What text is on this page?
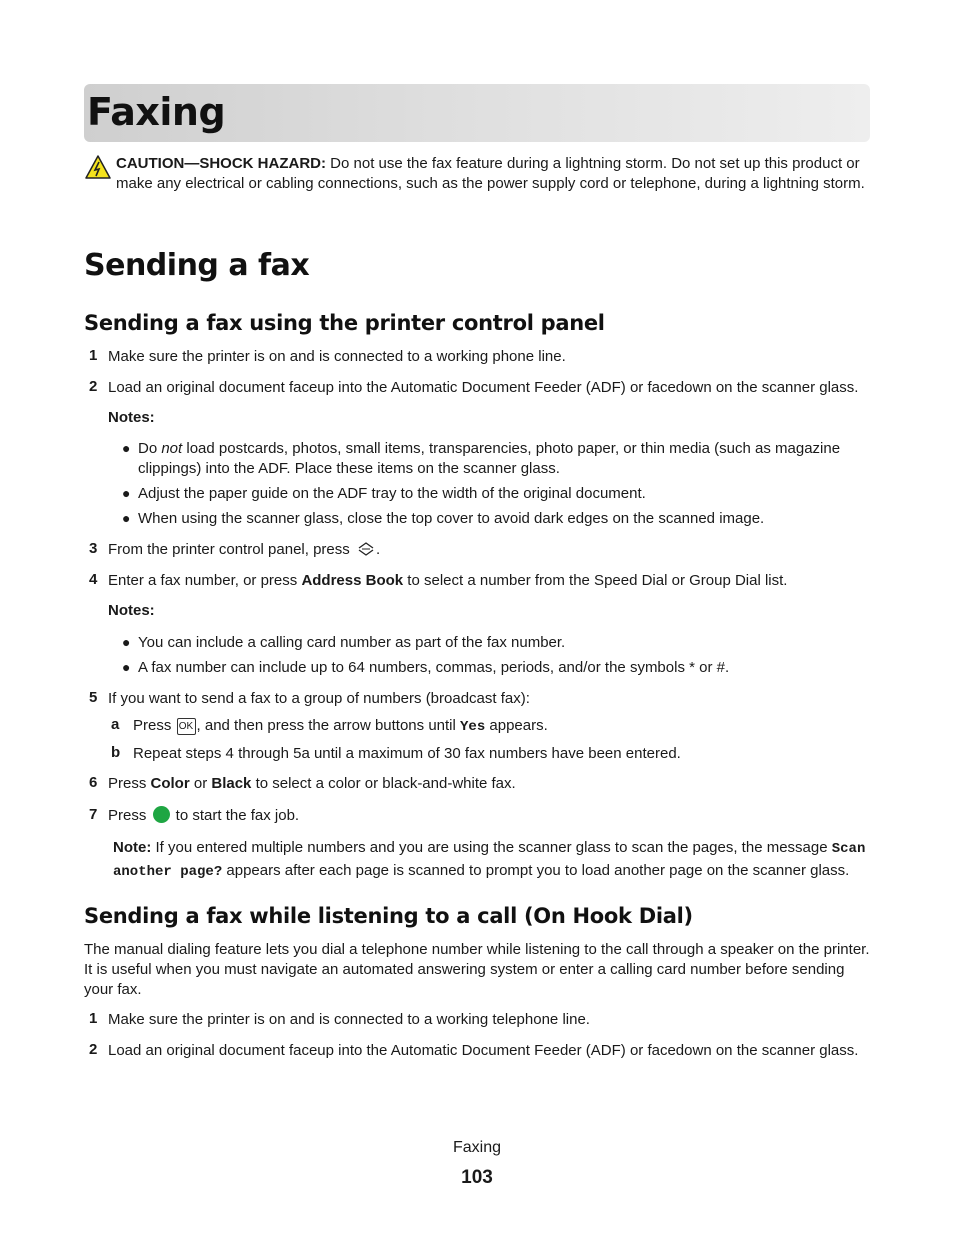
Faxing
CAUTION—SHOCK HAZARD: Do not use the fax feature during a lightning storm. Do not set up this product or make any electrical or cabling connections, such as the power supply cord or telephone, during a lightning storm.
Sending a fax
Sending a fax using the printer control panel
1 Make sure the printer is on and is connected to a working phone line.
2 Load an original document faceup into the Automatic Document Feeder (ADF) or facedown on the scanner glass.
Notes:
● Do not load postcards, photos, small items, transparencies, photo paper, or thin media (such as magazine clippings) into the ADF. Place these items on the scanner glass.
● Adjust the paper guide on the ADF tray to the width of the original document.
● When using the scanner glass, close the top cover to avoid dark edges on the scanned image.
3 From the printer control panel, press .
4 Enter a fax number, or press Address Book to select a number from the Speed Dial or Group Dial list.
Notes:
● You can include a calling card number as part of the fax number.
● A fax number can include up to 64 numbers, commas, periods, and/or the symbols * or #.
5 If you want to send a fax to a group of numbers (broadcast fax):
a Press OK , and then press the arrow buttons until Yes appears.
b Repeat steps 4 through 5a until a maximum of 30 fax numbers have been entered.
6 Press Color or Black to select a color or black-and-white fax.
7 Press  to start the fax job.
Note: If you entered multiple numbers and you are using the scanner glass to scan the pages, the message Scan another page? appears after each page is scanned to prompt you to load another page on the scanner glass.
Sending a fax while listening to a call (On Hook Dial)
The manual dialing feature lets you dial a telephone number while listening to the call through a speaker on the printer. It is useful when you must navigate an automated answering system or enter a calling card number before sending your fax.
1 Make sure the printer is on and is connected to a working telephone line.
2 Load an original document faceup into the Automatic Document Feeder (ADF) or facedown on the scanner glass.
Faxing
103
